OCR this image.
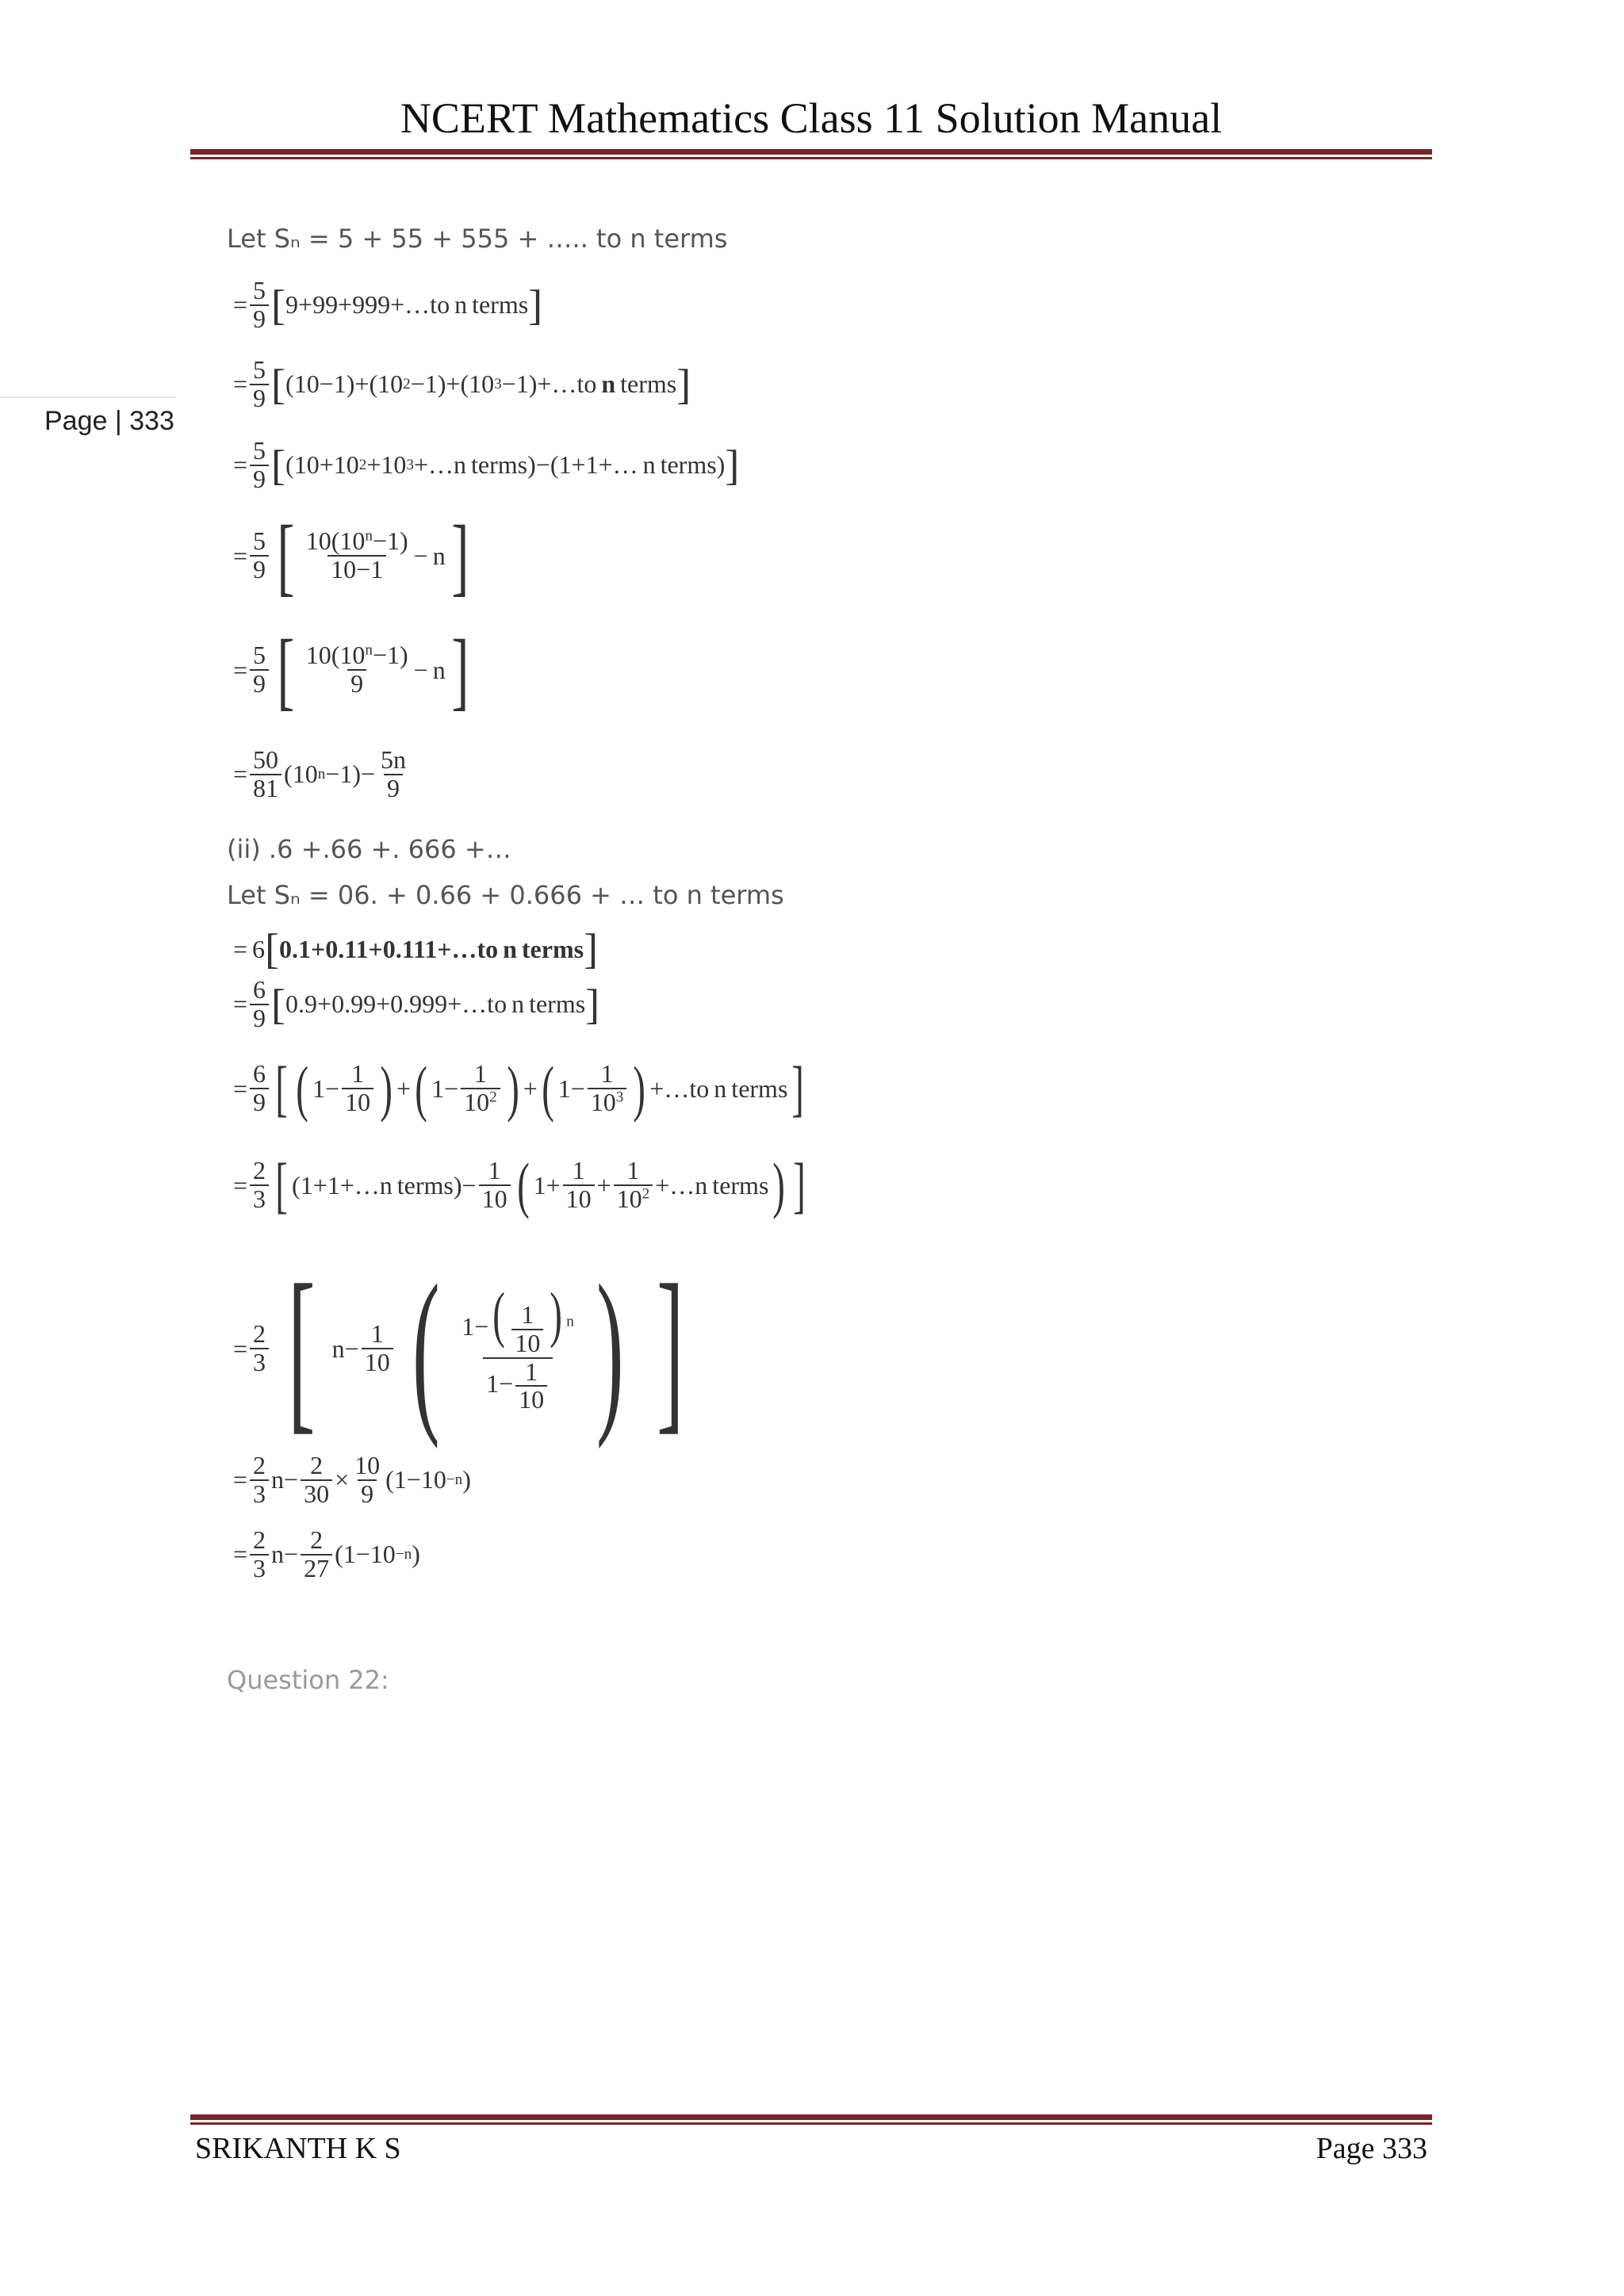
NCERT Mathematics Class 11 Solution Manual
Page | 333
Let Sₙ = 5 + 55 + 555 + ….. to n terms
= $\frac{5}{9}$ [ 9+99+999+…to n terms ]
= $\frac{5}{9}$ [ (10−1)+(10 2 −1)+(10 3 −1)+…to n terms ]
= $\frac{5}{9}$ [ (10+10 2 +10 3 +…n terms)−(1+1+… n terms) ]
= $\frac{5}{9}$ [ $\frac{10(10^n-1)}{10-1} - n$ ]
= $\frac{5}{9}$ [ $\frac{10(10^n-1)}{9} - n$ ]
= $\frac{50}{81} (10$ $n -1)- \frac{5n}{9}$
(ii) .6 +.66 +. 666 +…
Let Sₙ = 06. + 0.66 + 0.666 + … to n terms
= 6 [ 0.1+0.11+0.111+…to n terms ]
= $\frac{6}{9}$ [ 0.9+0.99+0.999+…to n terms ]
= $\frac{6}{9}$ [ ( $1- \frac{1}{10}$ ) + ( $1- \frac{1}{10^2}$ ) + ( $1- \frac{1}{10^3}$ ) +…to n terms ]
= $\frac{2}{3}$ [ (1+1+…n terms)− $\frac{1}{10}$ ( $1+ \frac{1}{10} + \frac{1}{10^2}$ +…n terms ) ]
= $\frac{2}{3}$ [ $n- \frac{1}{10}$ ( $\frac{1-( \frac{1}{10} ) ^n}{1- \frac{1}{10}}$ ) ]
= $\frac{2}{3} n- \frac{2}{30} \times \frac{10}{9} (1-10 -n$ )
= $\frac{2}{3} n- \frac{2}{27} (1-10 -n$ )
Question 22:
SRIKANTH K S	Page 333
